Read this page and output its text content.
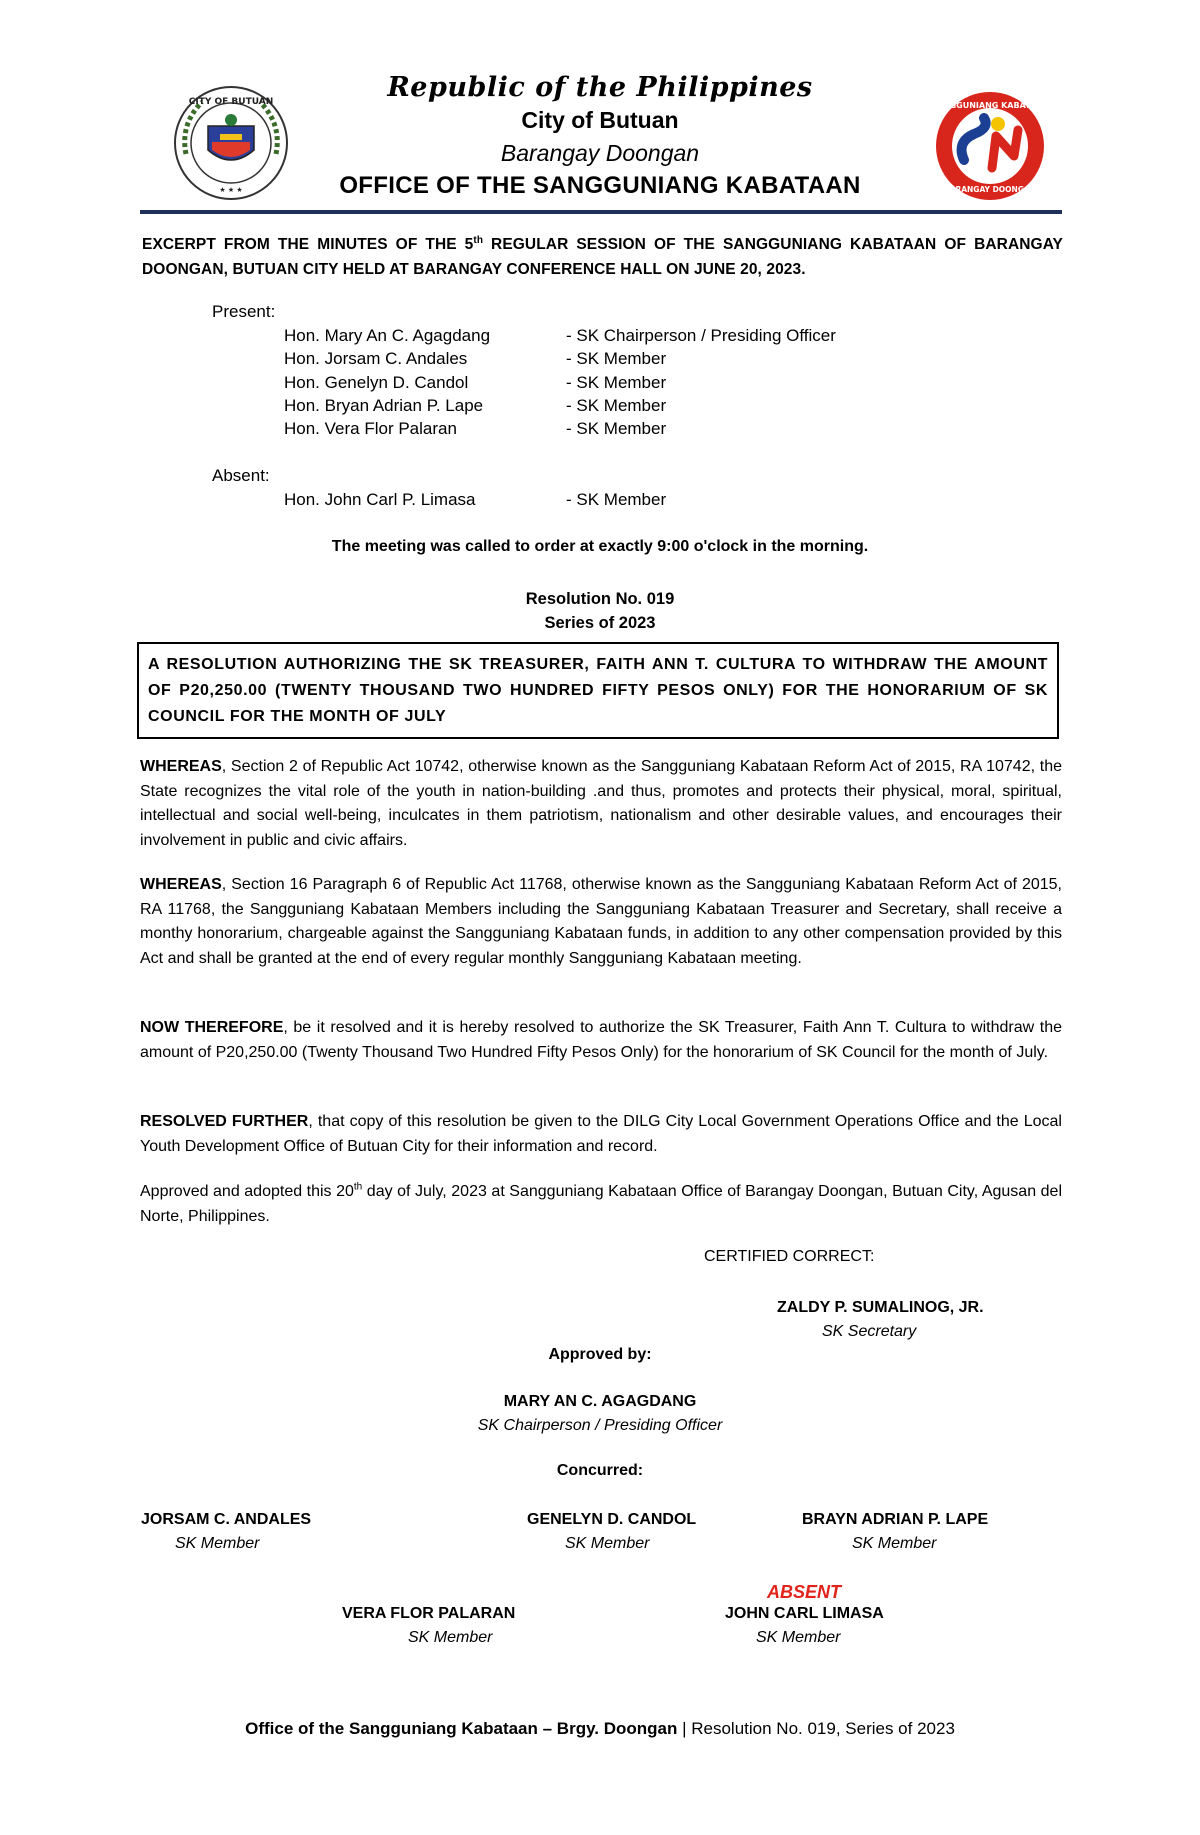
CITY OF BUTUAN
★ ★ ★
Republic of the Philippines
City of Butuan
Barangay Doongan
OFFICE OF THE SANGGUNIANG KABATAAN
SANGGUNIANG KABATAAN
BARANGAY DOONGAN
EXCERPT FROM THE MINUTES OF THE 5th REGULAR SESSION OF THE SANGGUNIANG KABATAAN OF BARANGAY DOONGAN, BUTUAN CITY HELD AT BARANGAY CONFERENCE HALL ON JUNE 20, 2023.
Present:
Hon. Mary An C. Agagdang	- SK Chairperson / Presiding Officer
Hon. Jorsam C. Andales	- SK Member
Hon. Genelyn D. Candol	- SK Member
Hon. Bryan Adrian P. Lape	- SK Member
Hon. Vera Flor Palaran	- SK Member
Absent:
Hon. John Carl P. Limasa	- SK Member
The meeting was called to order at exactly 9:00 o'clock in the morning.
Resolution No. 019
Series of 2023
A RESOLUTION AUTHORIZING THE SK TREASURER, FAITH ANN T. CULTURA TO WITHDRAW THE AMOUNT OF P20,250.00 (TWENTY THOUSAND TWO HUNDRED FIFTY PESOS ONLY) FOR THE HONORARIUM OF SK COUNCIL FOR THE MONTH OF JULY
WHEREAS, Section 2 of Republic Act 10742, otherwise known as the Sangguniang Kabataan Reform Act of 2015, RA 10742, the State recognizes the vital role of the youth in nation-building .and thus, promotes and protects their physical, moral, spiritual, intellectual and social well-being, inculcates in them patriotism, nationalism and other desirable values, and encourages their involvement in public and civic affairs.
WHEREAS, Section 16 Paragraph 6 of Republic Act 11768, otherwise known as the Sangguniang Kabataan Reform Act of 2015, RA 11768, the Sangguniang Kabataan Members including the Sangguniang Kabataan Treasurer and Secretary, shall receive a monthy honorarium, chargeable against the Sangguniang Kabataan funds, in addition to any other compensation provided by this Act and shall be granted at the end of every regular monthly Sangguniang Kabataan meeting.
NOW THEREFORE, be it resolved and it is hereby resolved to authorize the SK Treasurer, Faith Ann T. Cultura to withdraw the amount of P20,250.00 (Twenty Thousand Two Hundred Fifty Pesos Only) for the honorarium of SK Council for the month of July.
RESOLVED FURTHER, that copy of this resolution be given to the DILG City Local Government Operations Office and the Local Youth Development Office of Butuan City for their information and record.
Approved and adopted this 20th day of July, 2023 at Sangguniang Kabataan Office of Barangay Doongan, Butuan City, Agusan del Norte, Philippines.
CERTIFIED CORRECT:
ZALDY P. SUMALINOG, JR.
SK Secretary
Approved by:
MARY AN C. AGAGDANG
SK Chairperson / Presiding Officer
Concurred:
JORSAM C. ANDALES
SK Member
GENELYN D. CANDOL
SK Member
BRAYN ADRIAN P. LAPE
SK Member
ABSENT
VERA FLOR PALARAN
SK Member
JOHN CARL LIMASA
SK Member
Office of the Sangguniang Kabataan – Brgy. Doongan | Resolution No. 019, Series of 2023
